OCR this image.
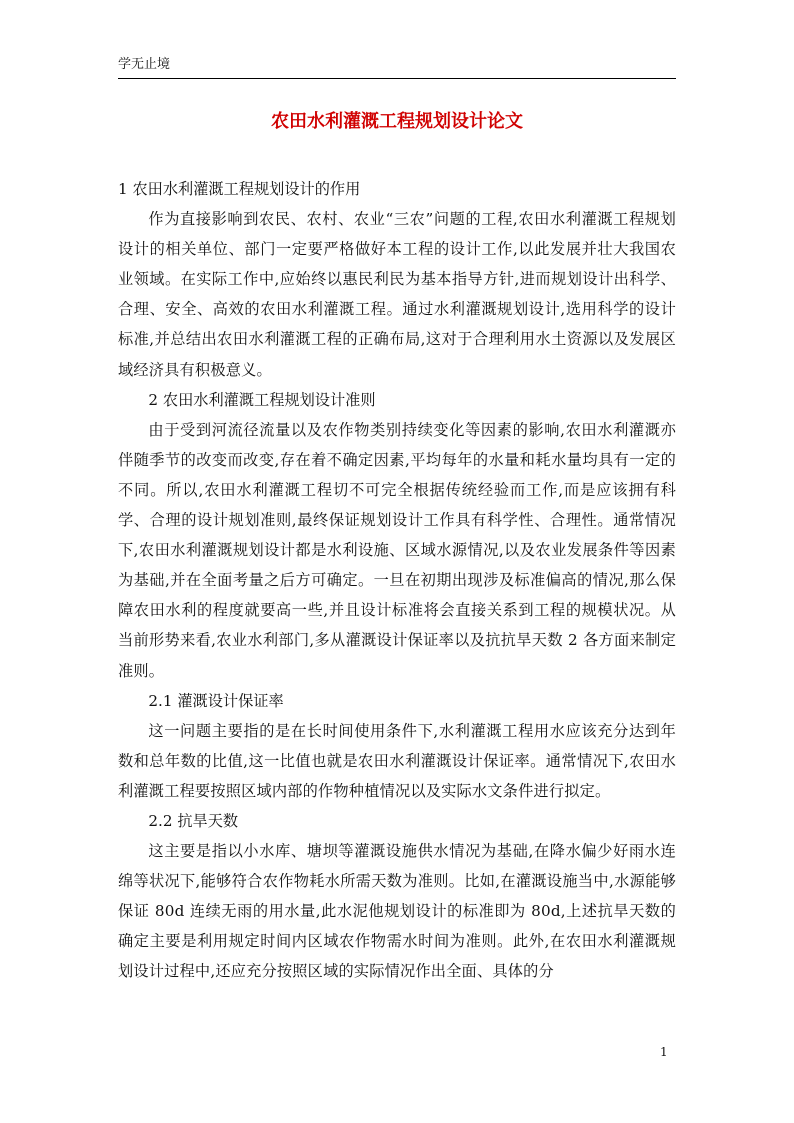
学无止境
农田水利灌溉工程规划设计论文

1 农田水利灌溉工程规划设计的作用

作为直接影响到农民、农村、农业“三农”问题的工程,农田水利灌溉工程规划设计的相关单位、部门一定要严格做好本工程的设计工作,以此发展并壮大我国农业领域。在实际工作中,应始终以惠民利民为基本指导方针,进而规划设计出科学、合理、安全、高效的农田水利灌溉工程。通过水利灌溉规划设计,选用科学的设计标准,并总结出农田水利灌溉工程的正确布局,这对于合理利用水土资源以及发展区域经济具有积极意义。

2 农田水利灌溉工程规划设计准则

由于受到河流径流量以及农作物类别持续变化等因素的影响,农田水利灌溉亦伴随季节的改变而改变,存在着不确定因素,平均每年的水量和耗水量均具有一定的不同。所以,农田水利灌溉工程切不可完全根据传统经验而工作,而是应该拥有科学、合理的设计规划准则,最终保证规划设计工作具有科学性、合理性。通常情况下,农田水利灌溉规划设计都是水利设施、区域水源情况,以及农业发展条件等因素为基础,并在全面考量之后方可确定。一旦在初期出现涉及标准偏高的情况,那么保障农田水利的程度就要高一些,并且设计标准将会直接关系到工程的规模状况。从当前形势来看,农业水利部门,多从灌溉设计保证率以及抗抗旱天数 2 各方面来制定准则。

2.1 灌溉设计保证率

这一问题主要指的是在长时间使用条件下,水利灌溉工程用水应该充分达到年数和总年数的比值,这一比值也就是农田水利灌溉设计保证率。通常情况下,农田水利灌溉工程要按照区域内部的作物种植情况以及实际水文条件进行拟定。

2.2 抗旱天数

这主要是指以小水库、塘坝等灌溉设施供水情况为基础,在降水偏少好雨水连绵等状况下,能够符合农作物耗水所需天数为准则。比如,在灌溉设施当中,水源能够保证 80d 连续无雨的用水量,此水泥他规划设计的标准即为 80d,上述抗旱天数的确定主要是利用规定时间内区域农作物需水时间为准则。此外,在农田水利灌溉规划设计过程中,还应充分按照区域的实际情况作出全面、具体的分

1
